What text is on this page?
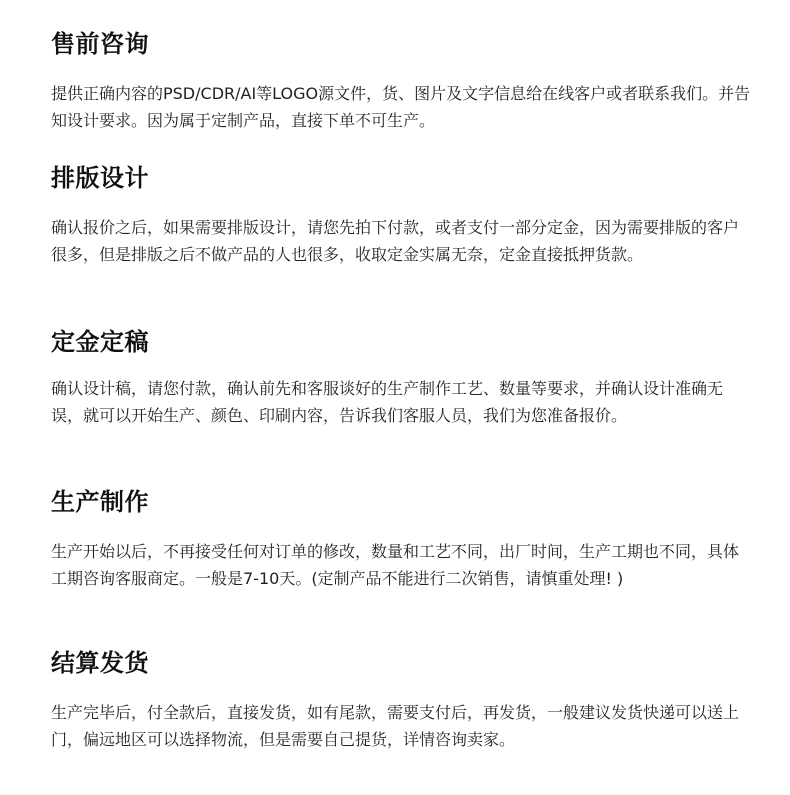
售前咨询

提供正确内容的PSD/CDR/AI等LOGO源文件，货、图片及文字信息给在线客户或者联系我们。并告知设计要求。因为属于定制产品，直接下单不可生产。

排版设计

确认报价之后，如果需要排版设计，请您先拍下付款，或者支付一部分定金，因为需要排版的客户很多，但是排版之后不做产品的人也很多，收取定金实属无奈，定金直接抵押货款。

定金定稿

确认设计稿，请您付款，确认前先和客服谈好的生产制作工艺、数量等要求，并确认设计准确无误，就可以开始生产、颜色、印刷内容，告诉我们客服人员，我们为您准备报价。

生产制作

生产开始以后，不再接受任何对订单的修改，数量和工艺不同，出厂时间，生产工期也不同，具体工期咨询客服商定。一般是7-10天。(定制产品不能进行二次销售，请慎重处理! )

结算发货

生产完毕后，付全款后，直接发货，如有尾款，需要支付后，再发货，一般建议发货快递可以送上门，偏远地区可以选择物流，但是需要自己提货，详情咨询卖家。
